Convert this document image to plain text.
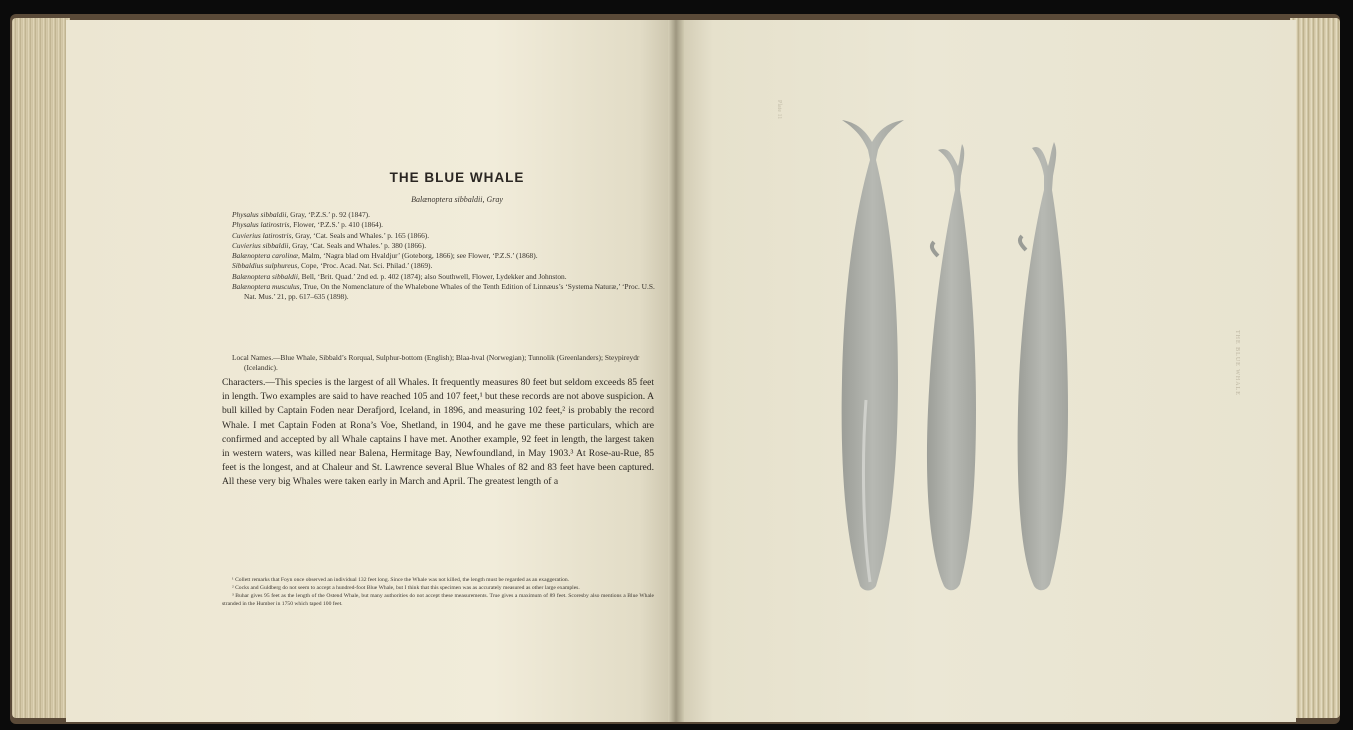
THE BLUE WHALE
Balænoptera sibbaldii, Gray

Physalus sibbaldii, Gray, ‘P.Z.S.’ p. 92 (1847).

Physalus latirostris, Flower, ‘P.Z.S.’ p. 410 (1864).

Cuvierius latirostris, Gray, ‘Cat. Seals and Whales.’ p. 165 (1866).

Cuvierius sibbaldii, Gray, ‘Cat. Seals and Whales.’ p. 380 (1866).

Balænoptera carolinæ, Malm, ‘Nagra blad om Hvaldjur’ (Goteborg, 1866); see Flower, ‘P.Z.S.’ (1868).

Sibbaldius sulphureus, Cope, ‘Proc. Acad. Nat. Sci. Philad.’ (1869).

Balænoptera sibbaldii, Bell, ‘Brit. Quad.’ 2nd ed. p. 402 (1874); also Southwell, Flower, Lydekker and Johnston.

Balænoptera musculus, True, On the Nomenclature of the Whalebone Whales of the Tenth Edition of Linnæus’s ‘Systema Naturæ,’ ‘Proc. U.S. Nat. Mus.’ 21, pp. 617–635 (1898).

Local Names.—Blue Whale, Sibbald’s Rorqual, Sulphur-bottom (English); Blaa-hval (Norwegian); Tunnolik (Greenlanders); Steypireydr (Icelandic).
Characters.—This species is the largest of all Whales. It frequently measures 80 feet but seldom exceeds 85 feet in length. Two examples are said to have reached 105 and 107 feet,¹ but these records are not above suspicion. A bull killed by Captain Foden near Derafjord, Iceland, in 1896, and measuring 102 feet,² is probably the record Whale. I met Captain Foden at Rona’s Voe, Shetland, in 1904, and he gave me these particulars, which are confirmed and accepted by all Whale captains I have met. Another example, 92 feet in length, the largest taken in western waters, was killed near Balena, Hermitage Bay, Newfoundland, in May 1903.³ At Rose-au-Rue, 85 feet is the longest, and at Chaleur and St. Lawrence several Blue Whales of 82 and 83 feet have been captured. All these very big Whales were taken early in March and April. The greatest length of a

¹ Collett remarks that Foyn once observed an individual 132 feet long. Since the Whale was not killed, the length must be regarded as an exaggeration.

² Cocks and Guldberg do not seem to accept a hundred-foot Blue Whale, but I think that this specimen was as accurately measured as other large examples.

³ Buhar gives 95 feet as the length of the Ostend Whale, but many authorities do not accept these measurements. True gives a maximum of 89 feet. Scoresby also mentions a Blue Whale stranded in the Humber in 1750 which taped 100 feet.

Plate 11
THE BLUE WHALE
